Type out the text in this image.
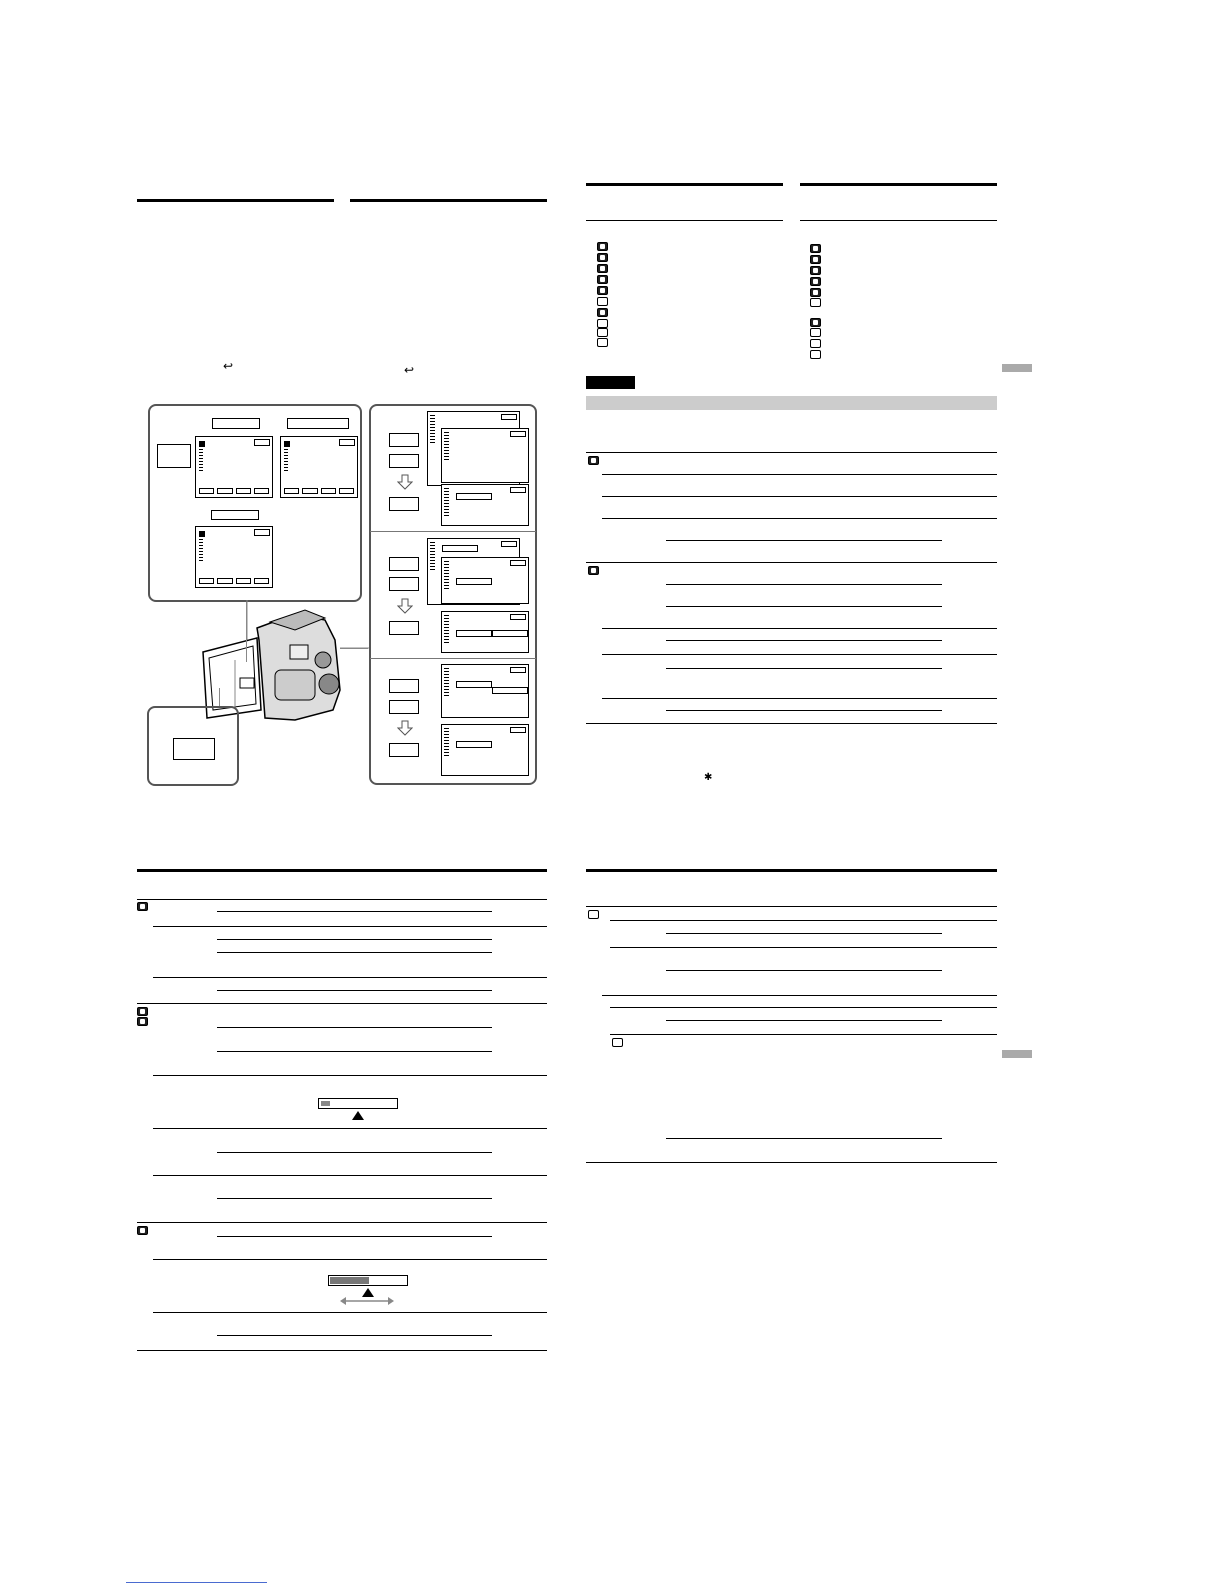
↩	↩
✱
